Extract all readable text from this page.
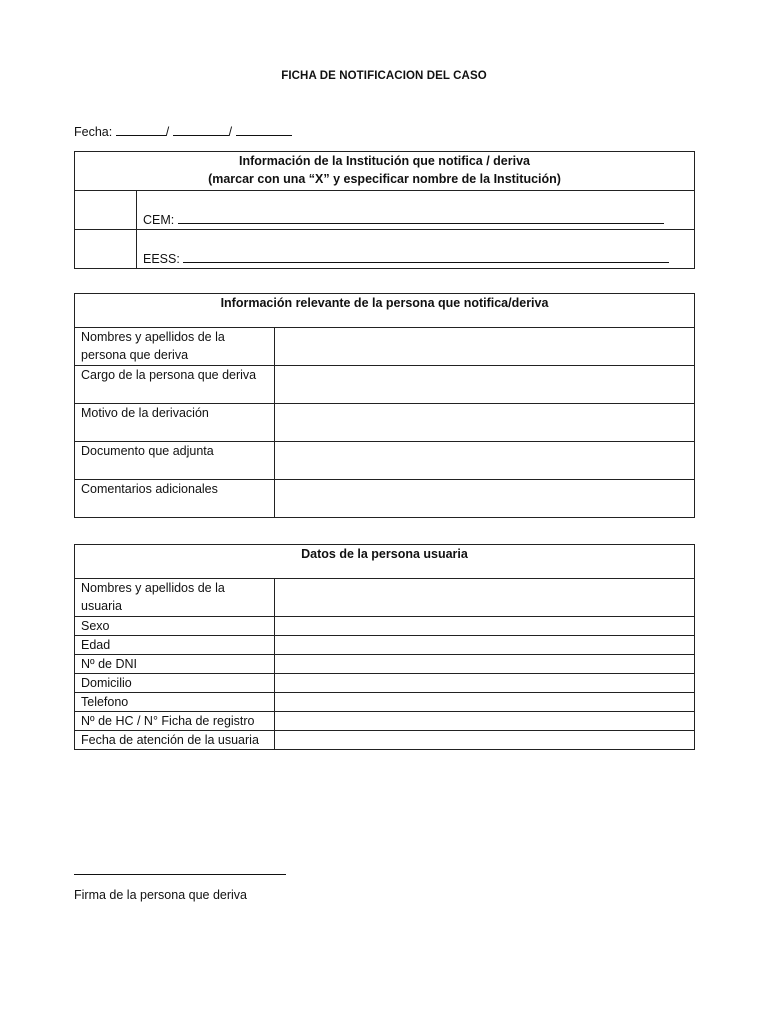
FICHA DE NOTIFICACION DEL CASO
Fecha:	/	/
Información de la Institución que notifica / deriva
(marcar con una “X” y especificar nombre de la Institución)	

	CEM:
	EESS:
Información relevante de la persona que notifica/deriva	
Nombres y apellidos de la persona que deriva	
Cargo de la persona que deriva	
Motivo de la derivación	
Documento que adjunta	
Comentarios adicionales	
Datos de la persona usuaria	
Nombres y apellidos de la usuaria	
Sexo	
Edad	
Nº de DNI	
Domicilio	
Telefono	
Nº de HC / N° Ficha de registro	
Fecha de atención de la usuaria	
Firma de la persona que deriva
